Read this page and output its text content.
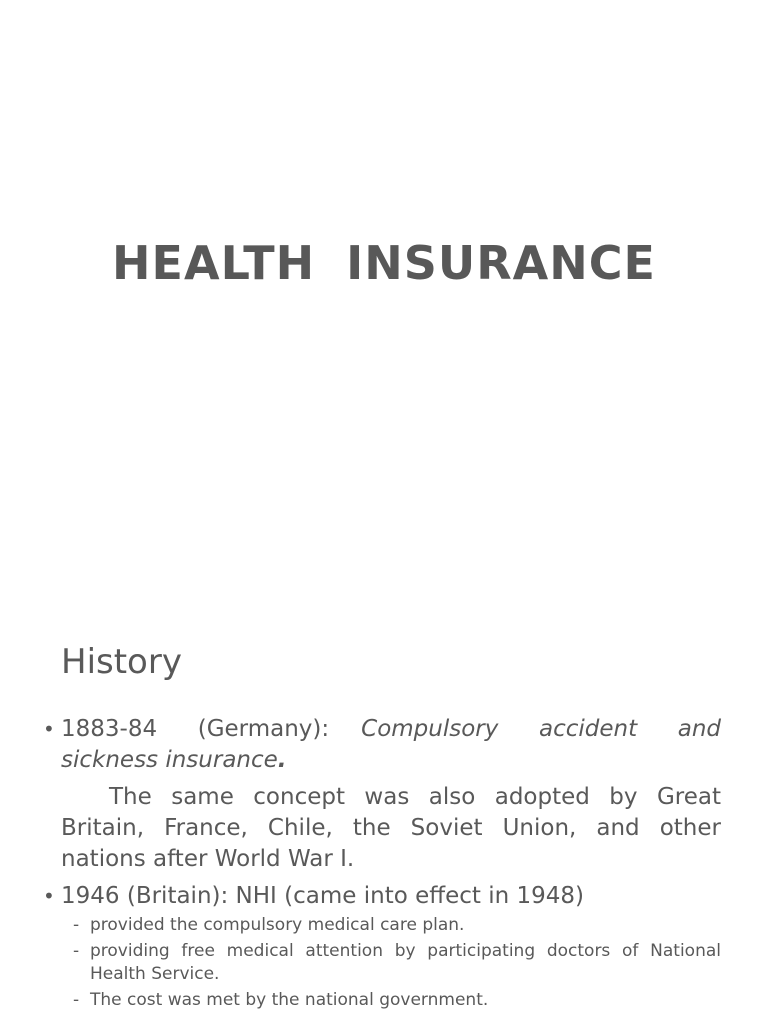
HEALTH INSURANCE
History

• 1883-84 (Germany): Compulsory accident and sickness insurance.

The same concept was also adopted by Great Britain, France, Chile, the Soviet Union, and other nations after World War I.

• 1946 (Britain): NHI (came into effect in 1948)

- provided the compulsory medical care plan.
- providing free medical attention by participating doctors of National Health Service.
- The cost was met by the national government.
